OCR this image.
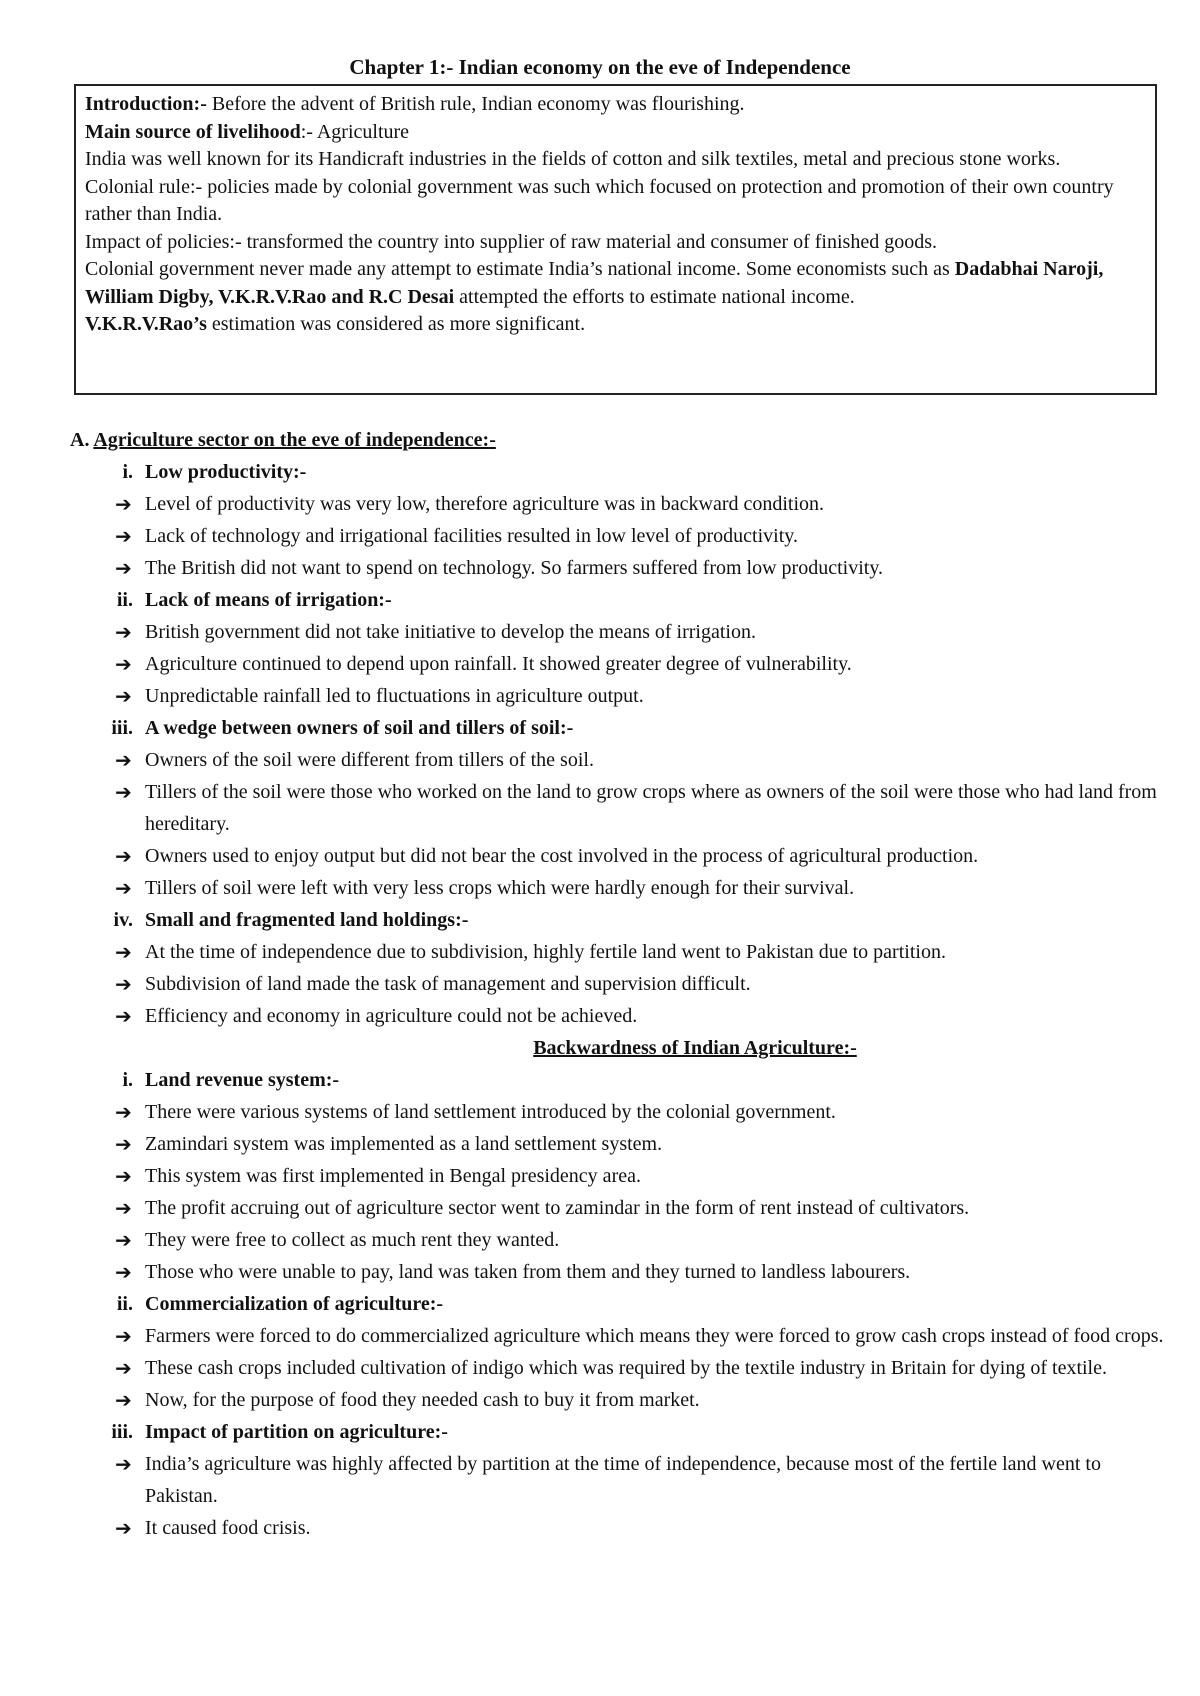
Chapter 1:- Indian economy on the eve of Independence

Introduction:- Before the advent of British rule, Indian economy was flourishing.

Main source of livelihood:- Agriculture

India was well known for its Handicraft industries in the fields of cotton and silk textiles, metal and precious stone works.

Colonial rule:- policies made by colonial government was such which focused on protection and promotion of their own country rather than India.

Impact of policies:- transformed the country into supplier of raw material and consumer of finished goods.

Colonial government never made any attempt to estimate India’s national income. Some economists such as Dadabhai Naroji, William Digby, V.K.R.V.Rao and R.C Desai attempted the efforts to estimate national income.

V.K.R.V.Rao’s estimation was considered as more significant.

A. Agriculture sector on the eve of independence:-
i. Low productivity:-
➔ Level of productivity was very low, therefore agriculture was in backward condition.
➔ Lack of technology and irrigational facilities resulted in low level of productivity.
➔ The British did not want to spend on technology. So farmers suffered from low productivity.
ii. Lack of means of irrigation:-
➔ British government did not take initiative to develop the means of irrigation.
➔ Agriculture continued to depend upon rainfall. It showed greater degree of vulnerability.
➔ Unpredictable rainfall led to fluctuations in agriculture output.
iii. A wedge between owners of soil and tillers of soil:-
➔ Owners of the soil were different from tillers of the soil.
➔ Tillers of the soil were those who worked on the land to grow crops where as owners of the soil were those who had land from hereditary.
➔ Owners used to enjoy output but did not bear the cost involved in the process of agricultural production.
➔ Tillers of soil were left with very less crops which were hardly enough for their survival.
iv. Small and fragmented land holdings:-
➔ At the time of independence due to subdivision, highly fertile land went to Pakistan due to partition.
➔ Subdivision of land made the task of management and supervision difficult.
➔ Efficiency and economy in agriculture could not be achieved.
Backwardness of Indian Agriculture:-
i. Land revenue system:-
➔ There were various systems of land settlement introduced by the colonial government.
➔ Zamindari system was implemented as a land settlement system.
➔ This system was first implemented in Bengal presidency area.
➔ The profit accruing out of agriculture sector went to zamindar in the form of rent instead of cultivators.
➔ They were free to collect as much rent they wanted.
➔ Those who were unable to pay, land was taken from them and they turned to landless labourers.
ii. Commercialization of agriculture:-
➔ Farmers were forced to do commercialized agriculture which means they were forced to grow cash crops instead of food crops.
➔ These cash crops included cultivation of indigo which was required by the textile industry in Britain for dying of textile.
➔ Now, for the purpose of food they needed cash to buy it from market.
iii. Impact of partition on agriculture:-
➔ India’s agriculture was highly affected by partition at the time of independence, because most of the fertile land went to Pakistan.
➔ It caused food crisis.
